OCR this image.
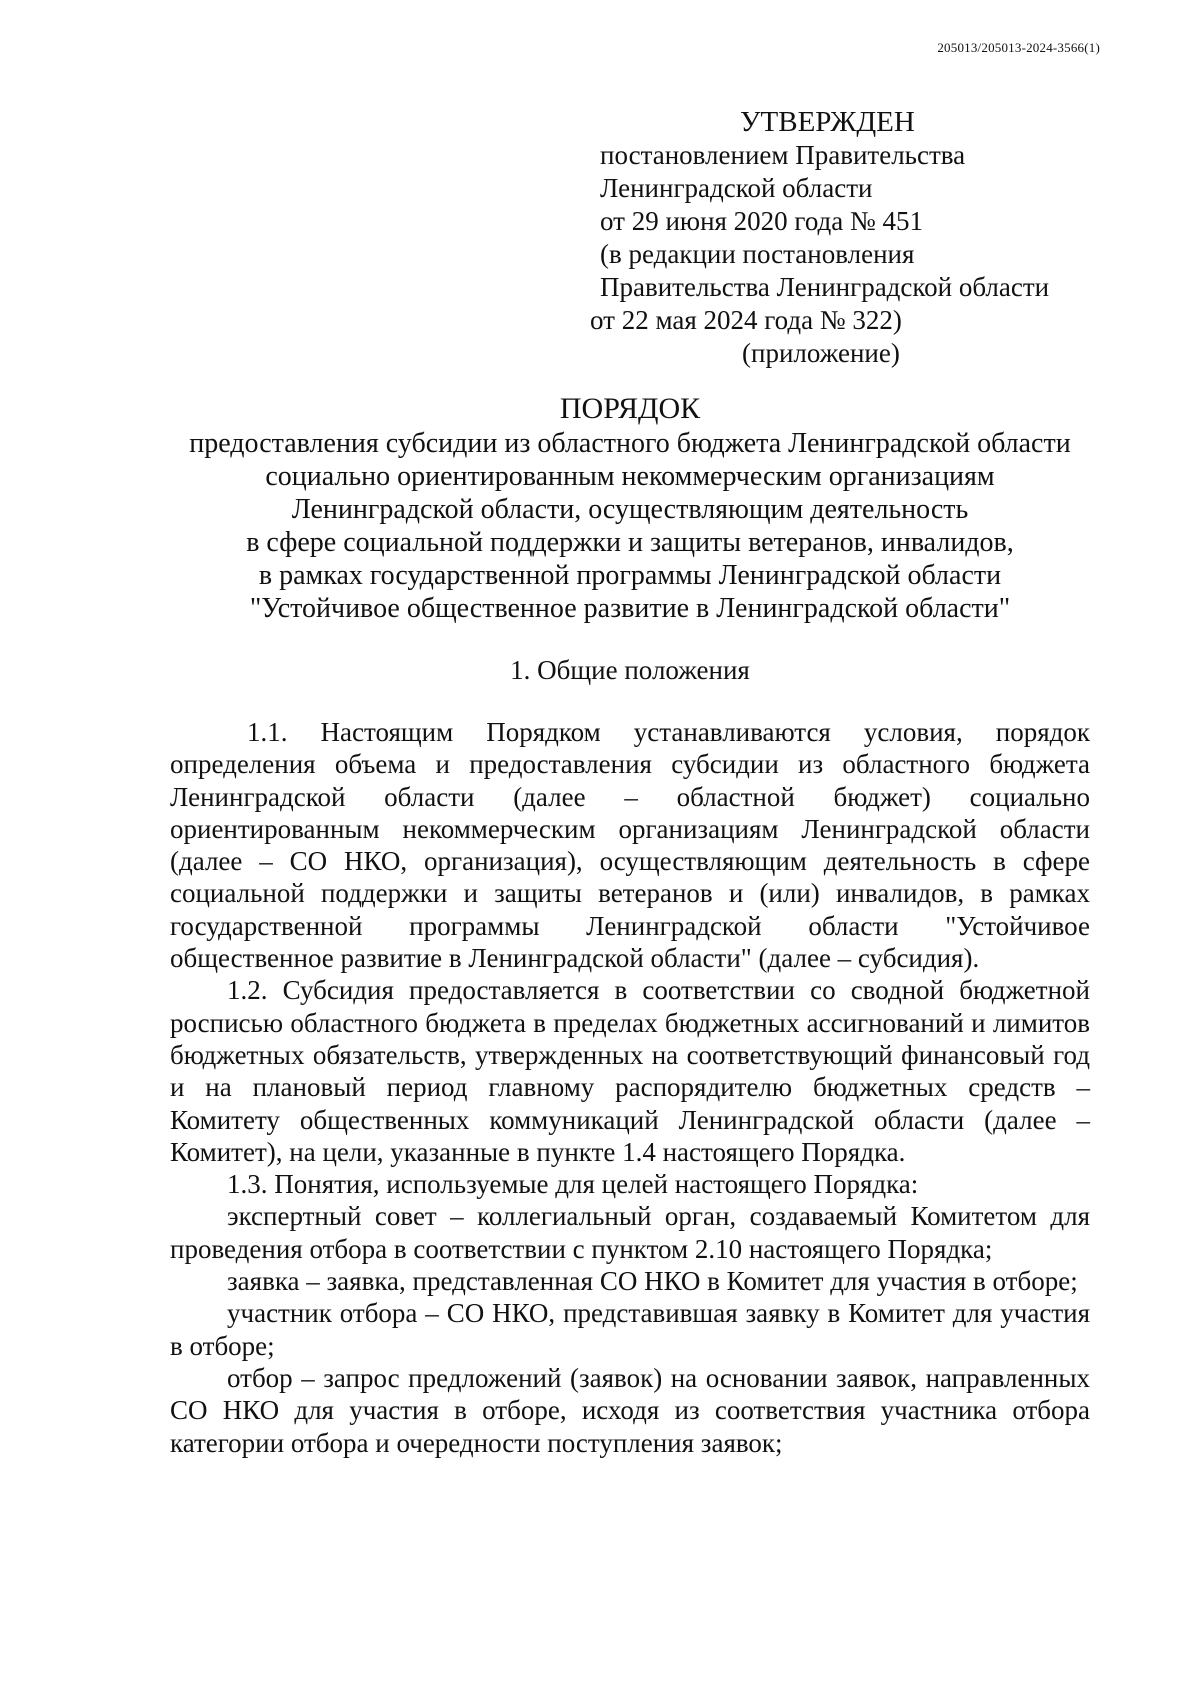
205013/205013-2024-3566(1)
УТВЕРЖДЕН
постановлением Правительства
Ленинградской области
от 29 июня 2020 года № 451
(в редакции постановления
Правительства Ленинградской области
от 22 мая 2024 года № 322)
(приложение)
ПОРЯДОК
предоставления субсидии из областного бюджета Ленинградской области
социально ориентированным некоммерческим организациям
Ленинградской области, осуществляющим деятельность
в сфере социальной поддержки и защиты ветеранов, инвалидов,
в рамках государственной программы Ленинградской области
"Устойчивое общественное развитие в Ленинградской области"
1. Общие положения

1.1. Настоящим Порядком устанавливаются условия, порядок определения объема и предоставления субсидии из областного бюджета Ленинградской области (далее – областной бюджет) социально ориентированным некоммерческим организациям Ленинградской области (далее – СО НКО, организация), осуществляющим деятельность в сфере социальной поддержки и защиты ветеранов и (или) инвалидов, в рамках государственной программы Ленинградской области "Устойчивое общественное развитие в Ленинградской области" (далее – субсидия).

1.2. Субсидия предоставляется в соответствии со сводной бюджетной росписью областного бюджета в пределах бюджетных ассигнований и лимитов бюджетных обязательств, утвержденных на соответствующий финансовый год и на плановый период главному распорядителю бюджетных средств – Комитету общественных коммуникаций Ленинградской области (далее – Комитет), на цели, указанные в пункте 1.4 настоящего Порядка.

1.3. Понятия, используемые для целей настоящего Порядка:

экспертный совет – коллегиальный орган, создаваемый Комитетом для проведения отбора в соответствии с пунктом 2.10 настоящего Порядка;

заявка – заявка, представленная СО НКО в Комитет для участия в отборе;

участник отбора – СО НКО, представившая заявку в Комитет для участия в отборе;

отбор – запрос предложений (заявок) на основании заявок, направленных СО НКО для участия в отборе, исходя из соответствия участника отбора категории отбора и очередности поступления заявок;
